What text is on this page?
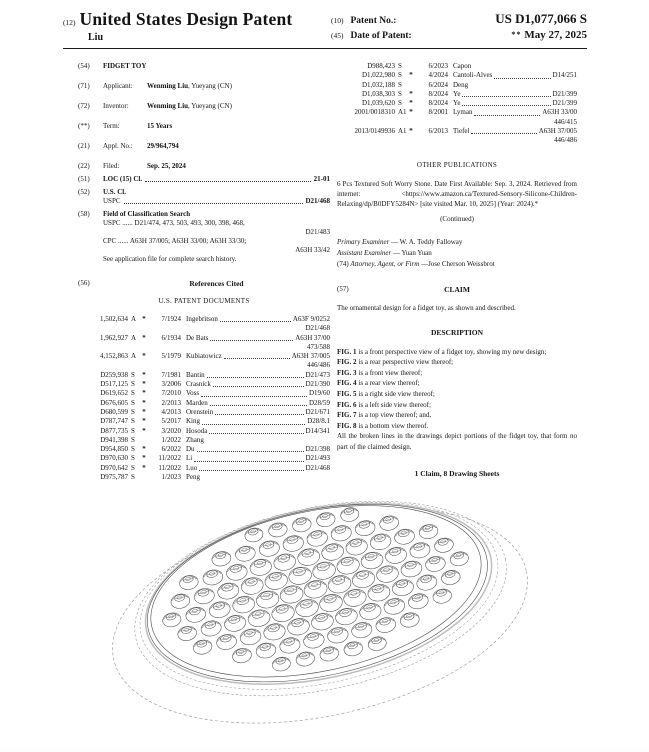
(12) United States Design Patent
Liu
(10) Patent No.:	US D1,077,066 S
(45) Date of Patent:	** May 27, 2025
(54)	FIDGET TOY
(71)	Applicant:	Wenming Liu, Yueyang (CN)
(72)	Inventor:	Wenming Liu, Yueyang (CN)
(**)	Term:	15 Years
(21)	Appl. No.:	29/964,794
(22)	Filed:	Sep. 25, 2024
(51)	LOC (15) Cl.	21-01
(52)	U.S. Cl.
USPC	D21/468
(58)	Field of Classification Search
USPC ...... D21/474, 473, 503, 493, 300, 398, 468,
D21/483
CPC ...... A63H 37/005; A63H 33/00; A63H 33/30;
A63H 33/42
See application file for complete search history.
(56)	References Cited
U.S. PATENT DOCUMENTS
1,502,634 A *	7/1924 Ingebritson	A63F 9/0252
D21/468
1,962,927 A *	6/1934 De Bats	A63H 37/00
473/588
4,152,863 A *	5/1979 Kubiatowicz	A63H 37/005
446/486
D259,938 S	*	7/1981 Bantin	D21/473
D517,125 S	*	3/2006 Crasnick	D21/390
D619,652 S	*	7/2010 Voss	D19/60
D676,605 S	*	2/2013 Marden	D28/59
D680,599 S	*	4/2013 Orenstein	D21/671
D787,747 S	*	5/2017 King	D28/8.1
D877,735 S	*	3/2020 Hosoda	D14/341
D941,398 S	1/2022 Zhang
D954,850 S	*	6/2022 Du	D21/398
D970,630 S	*	11/2022 Li	D21/493
D970,642 S	*	11/2022 Luo	D21/468
D975,787 S	1/2023 Peng
D988,423 S	6/2023 Capon
D1,022,980 S	*	4/2024 Cantoli-Alves	D14/251
D1,032,188 S	6/2024 Deng
D1,038,303 S	*	8/2024 Ye	D21/399
D1,039,620 S	*	8/2024 Ye	D21/399
2001/0018310 A1 *	8/2001 Lyman	A63H 33/00
446/415
2013/0149936 A1 *	6/2013 Tiefel	A63H 37/005
446/486
OTHER PUBLICATIONS
6 Pcs Textured Soft Worry Stone. Date First Available: Sep. 3, 2024. Retrieved from internet: <https://www.amazon.ca/Textured-Sensory-Silicone-Children-Relaxing/dp/B0DFY5284N> [site visited Mar. 10, 2025] (Year: 2024).*
(Continued)
Primary Examiner — W. A. Teddy Falloway
Assistant Examiner — Yuan Yuan
(74) Attorney, Agent, or Firm —Jose Cherson Weissbrot
(57)	CLAIM
The ornamental design for a fidget toy, as shown and described.
DESCRIPTION
FIG. 1 is a front perspective view of a fidget toy, showing my new design;
FIG. 2 is a rear perspective view thereof;
FIG. 3 is a front view thereof;
FIG. 4 is a rear view thereof;
FIG. 5 is a right side view thereof;
FIG. 6 is a left side view thereof;
FIG. 7 is a top view thereof; and,
FIG. 8 is a bottom view thereof.
All the broken lines in the drawings depict portions of the fidget toy, that form no part of the claimed design.
1 Claim, 8 Drawing Sheets
